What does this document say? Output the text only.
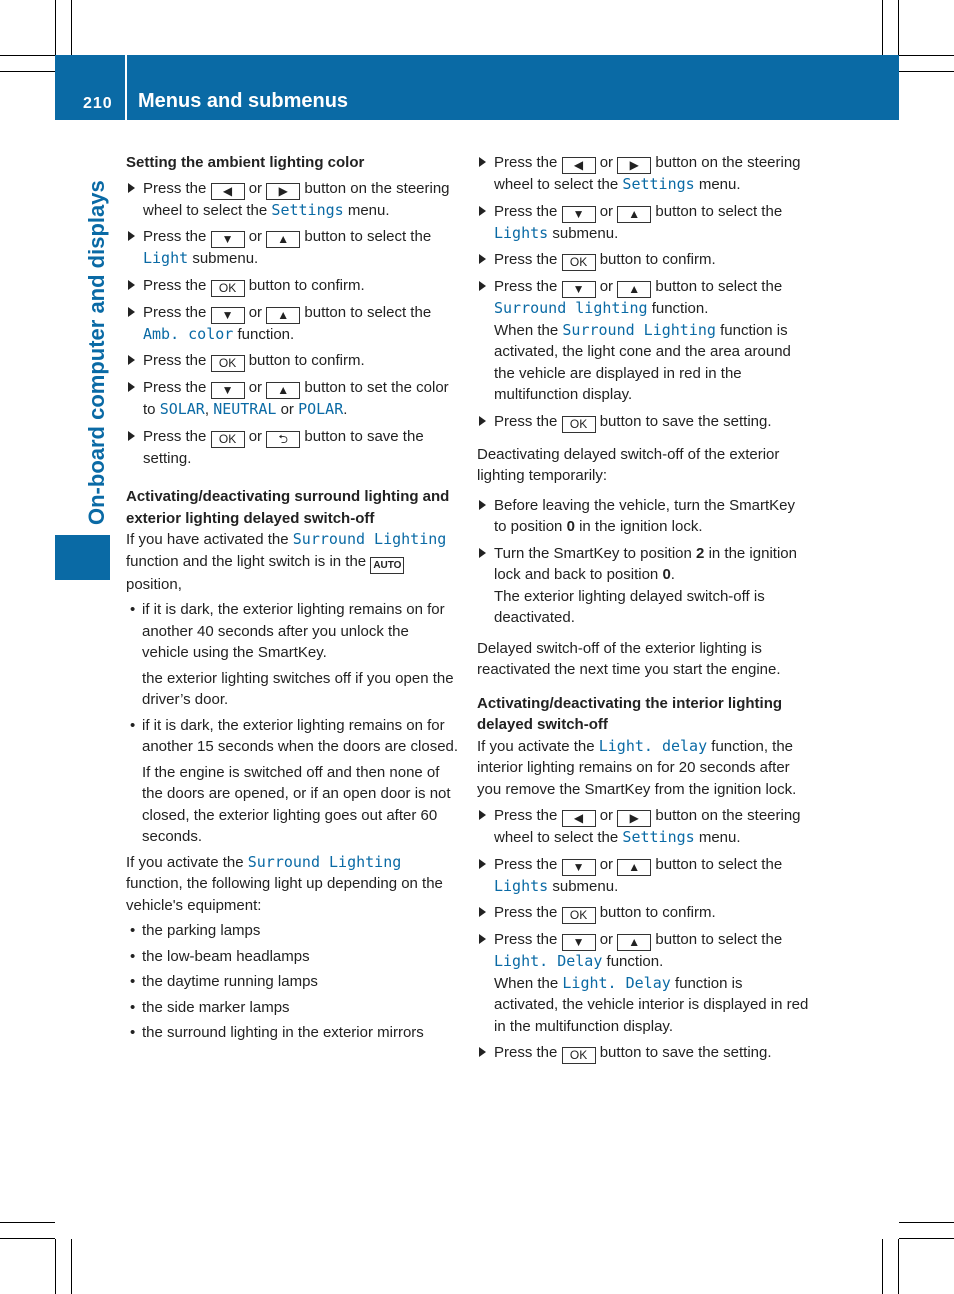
210 Menus and submenus
On-board computer and displays
Setting the ambient lighting color

Press the ◀ or ▶ button on the steering wheel to select the Settings menu.

Press the ▼ or ▲ button to select the Light submenu.

Press the OK button to confirm.

Press the ▼ or ▲ button to select the Amb. color function.

Press the OK button to confirm.

Press the ▼ or ▲ button to set the color to SOLAR, NEUTRAL or POLAR.

Press the OK or ⮌ button to save the setting.

Activating/deactivating surround lighting and exterior lighting delayed switch-off

If you have activated the Surround Lighting function and the light switch is in the AUTO position,

• if it is dark, the exterior lighting remains on for another 40 seconds after you unlock the vehicle using the SmartKey.

the exterior lighting switches off if you open the driver’s door.

• if it is dark, the exterior lighting remains on for another 15 seconds when the doors are closed.

If the engine is switched off and then none of the doors are opened, or if an open door is not closed, the exterior lighting goes out after 60 seconds.

If you activate the Surround Lighting function, the following light up depending on the vehicle's equipment:

• the parking lamps

• the low-beam headlamps

• the daytime running lamps

• the side marker lamps

• the surround lighting in the exterior mirrors

Press the ◀ or ▶ button on the steering wheel to select the Settings menu.

Press the ▼ or ▲ button to select the Lights submenu.

Press the OK button to confirm.

Press the ▼ or ▲ button to select the Surround lighting function.
When the Surround Lighting function is activated, the light cone and the area around the vehicle are displayed in red in the multifunction display.

Press the OK button to save the setting.

Deactivating delayed switch-off of the exterior lighting temporarily:

Before leaving the vehicle, turn the SmartKey to position 0 in the ignition lock.

Turn the SmartKey to position 2 in the ignition lock and back to position 0.
The exterior lighting delayed switch-off is deactivated.

Delayed switch-off of the exterior lighting is reactivated the next time you start the engine.

Activating/deactivating the interior lighting delayed switch-off

If you activate the Light. delay function, the interior lighting remains on for 20 seconds after you remove the SmartKey from the ignition lock.

Press the ◀ or ▶ button on the steering wheel to select the Settings menu.

Press the ▼ or ▲ button to select the Lights submenu.

Press the OK button to confirm.

Press the ▼ or ▲ button to select the Light. Delay function.
When the Light. Delay function is activated, the vehicle interior is displayed in red in the multifunction display.

Press the OK button to save the setting.
